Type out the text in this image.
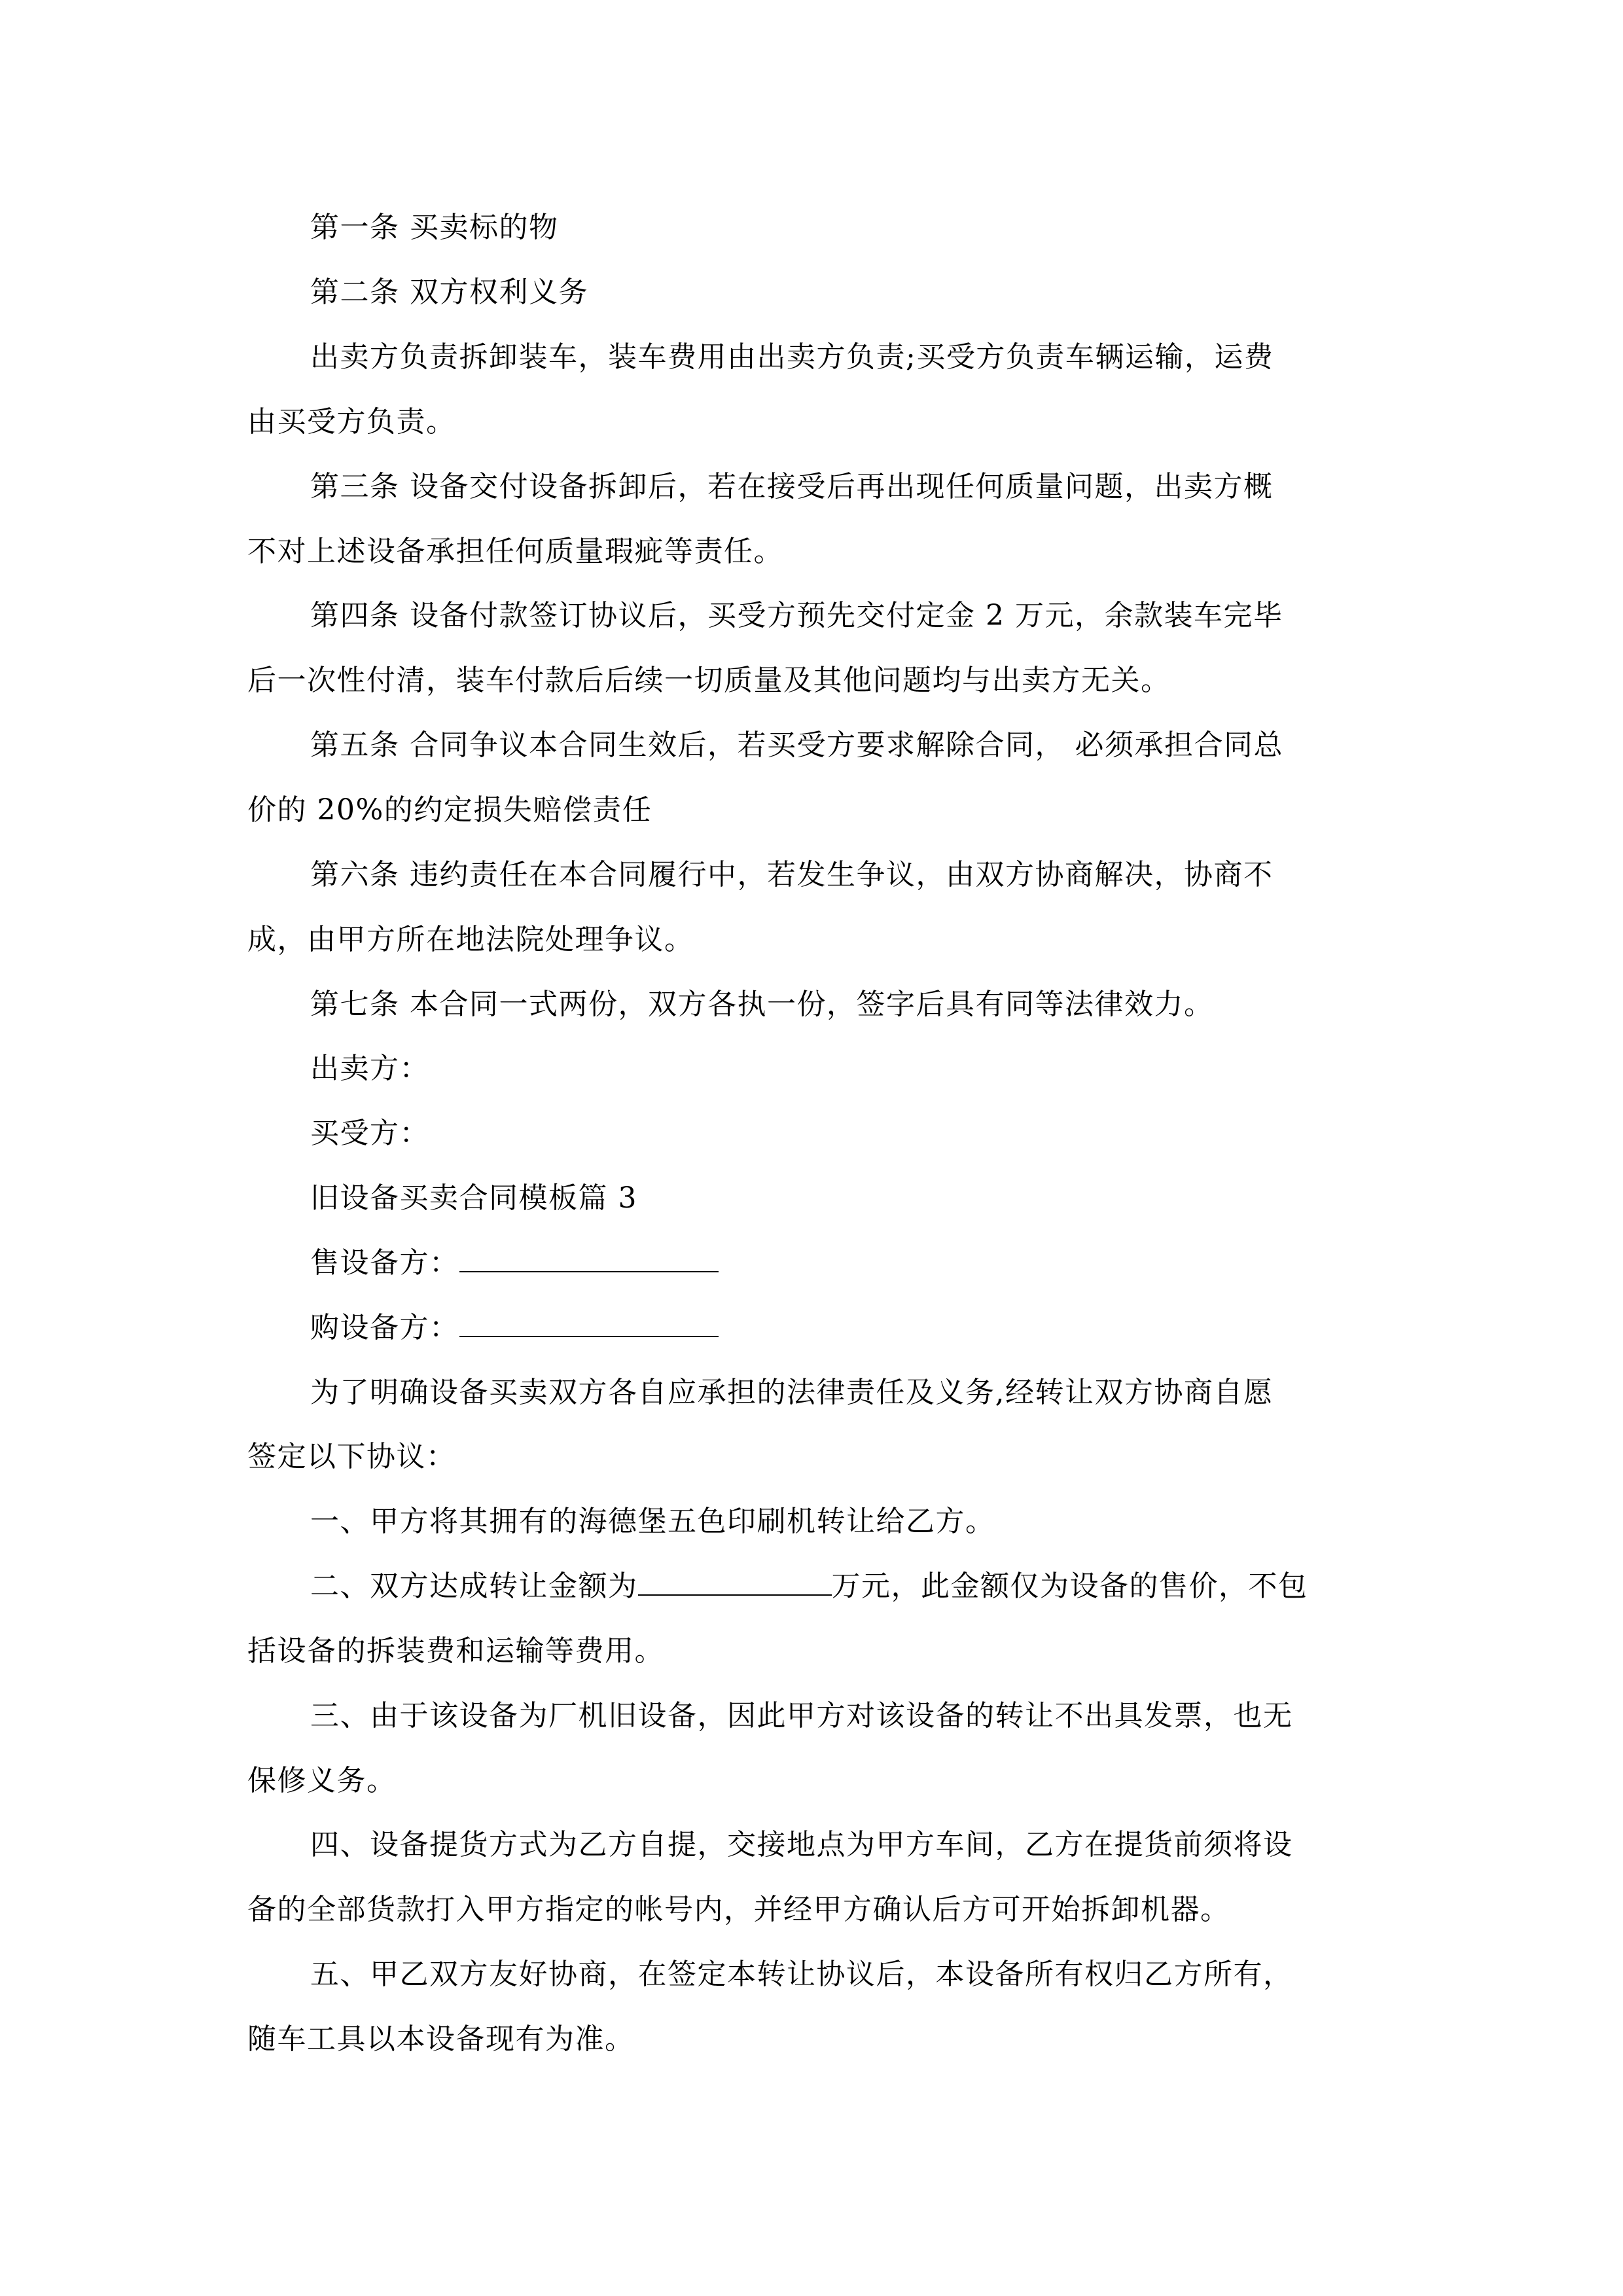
第一条 买卖标的物
第二条 双方权利义务
出卖方负责拆卸装车，装车费用由出卖方负责;买受方负责车辆运输，运费
由买受方负责。
第三条 设备交付设备拆卸后，若在接受后再出现任何质量问题，出卖方概
不对上述设备承担任何质量瑕疵等责任。
第四条 设备付款签订协议后，买受方预先交付定金 2 万元，余款装车完毕
后一次性付清，装车付款后后续一切质量及其他问题均与出卖方无关。
第五条 合同争议本合同生效后，若买受方要求解除合同， 必须承担合同总
价的 20%的约定损失赔偿责任
第六条 违约责任在本合同履行中，若发生争议，由双方协商解决，协商不
成，由甲方所在地法院处理争议。
第七条 本合同一式两份，双方各执一份，签字后具有同等法律效力。
出卖方：
买受方：
旧设备买卖合同模板篇 3
售设备方：
购设备方：
为了明确设备买卖双方各自应承担的法律责任及义务,经转让双方协商自愿
签定以下协议：
一、甲方将其拥有的海德堡五色印刷机转让给乙方。
二、双方达成转让金额为	万元，此金额仅为设备的售价，不包
括设备的拆装费和运输等费用。
三、由于该设备为厂机旧设备，因此甲方对该设备的转让不出具发票，也无
保修义务。
四、设备提货方式为乙方自提，交接地点为甲方车间，乙方在提货前须将设
备的全部货款打入甲方指定的帐号内，并经甲方确认后方可开始拆卸机器。
五、甲乙双方友好协商，在签定本转让协议后，本设备所有权归乙方所有，
随车工具以本设备现有为准。
